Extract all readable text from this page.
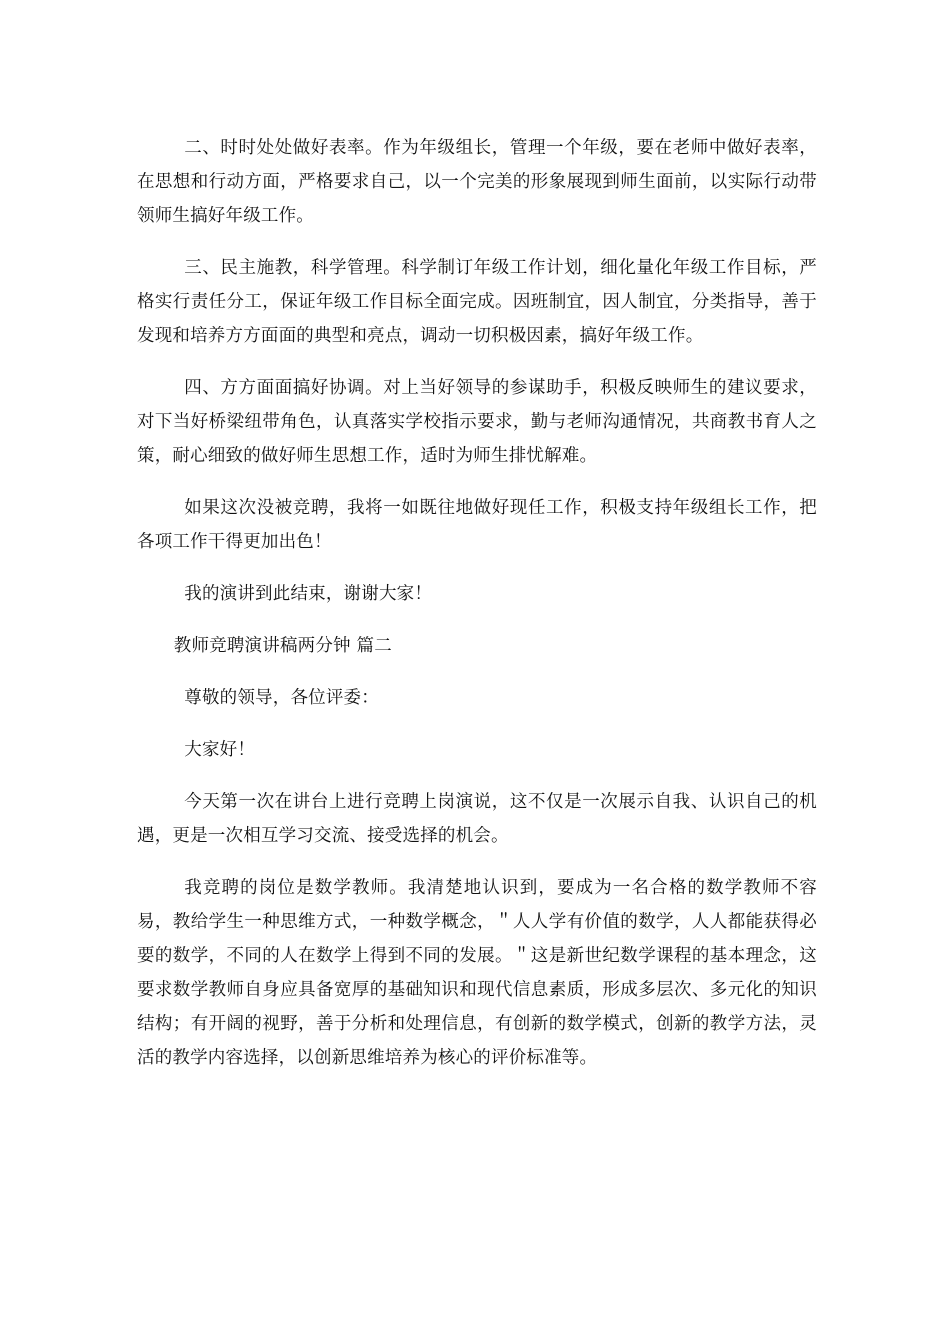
二、时时处处做好表率。作为年级组长，管理一个年级，要在老师中做好表率，在思想和行动方面，严格要求自己，以一个完美的形象展现到师生面前，以实际行动带领师生搞好年级工作。

三、民主施教，科学管理。科学制订年级工作计划，细化量化年级工作目标，严格实行责任分工，保证年级工作目标全面完成。因班制宜，因人制宜，分类指导，善于发现和培养方方面面的典型和亮点，调动一切积极因素，搞好年级工作。

四、方方面面搞好协调。对上当好领导的参谋助手，积极反映师生的建议要求，对下当好桥梁纽带角色，认真落实学校指示要求，勤与老师沟通情况，共商教书育人之策，耐心细致的做好师生思想工作，适时为师生排忧解难。

如果这次没被竞聘，我将一如既往地做好现任工作，积极支持年级组长工作，把各项工作干得更加出色！

我的演讲到此结束，谢谢大家！

教师竞聘演讲稿两分钟 篇二

尊敬的领导，各位评委：

大家好！

今天第一次在讲台上进行竞聘上岗演说，这不仅是一次展示自我、认识自己的机遇，更是一次相互学习交流、接受选择的机会。

我竞聘的岗位是数学教师。我清楚地认识到，要成为一名合格的数学教师不容易，教给学生一种思维方式，一种数学概念，＂人人学有价值的数学，人人都能获得必要的数学，不同的人在数学上得到不同的发展。＂这是新世纪数学课程的基本理念，这要求数学教师自身应具备宽厚的基础知识和现代信息素质，形成多层次、多元化的知识结构；有开阔的视野，善于分析和处理信息，有创新的数学模式，创新的教学方法，灵活的教学内容选择，以创新思维培养为核心的评价标准等。
